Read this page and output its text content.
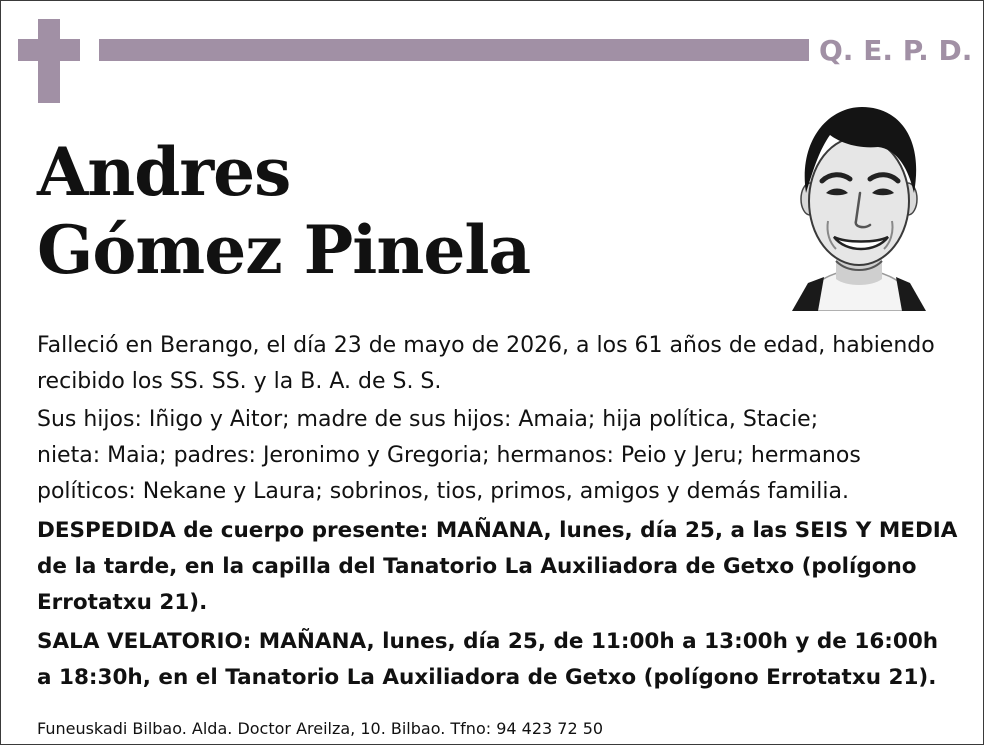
Q. E. P. D.
Andres
Gómez Pinela
Falleció en Berango, el día 23 de mayo de 2026, a los 61 años de edad, habiendo
recibido los SS. SS. y la B. A. de S. S.
Sus hijos: Iñigo y Aitor; madre de sus hijos: Amaia; hija política, Stacie;
nieta: Maia; padres: Jeronimo y Gregoria; hermanos: Peio y Jeru; hermanos
políticos: Nekane y Laura; sobrinos, tios, primos, amigos y demás familia.
DESPEDIDA de cuerpo presente: MAÑANA, lunes, día 25, a las SEIS Y MEDIA
de la tarde, en la capilla del Tanatorio La Auxiliadora de Getxo (polígono
Errotatxu 21).
SALA VELATORIO: MAÑANA, lunes, día 25, de 11:00h a 13:00h y de 16:00h
a 18:30h, en el Tanatorio La Auxiliadora de Getxo (polígono Errotatxu 21).
Funeuskadi Bilbao. Alda. Doctor Areilza, 10. Bilbao. Tfno: 94 423 72 50
